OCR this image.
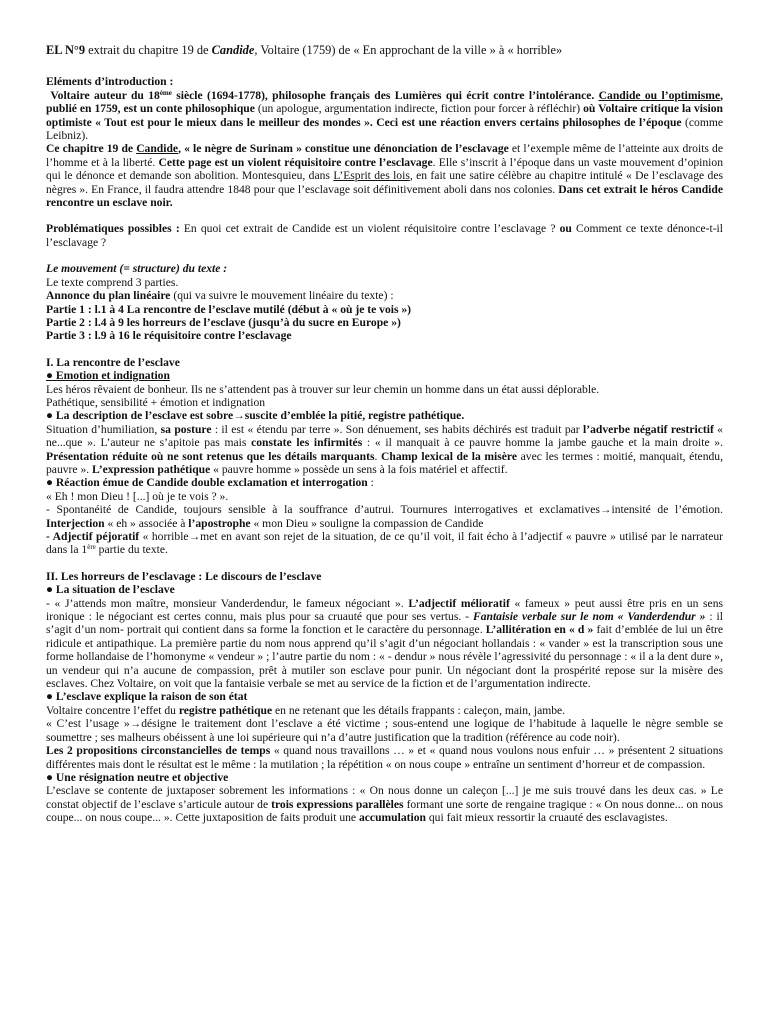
EL N°9 extrait du chapitre 19 de Candide, Voltaire (1759) de « En approchant de la ville » à « horrible»

Eléments d’introduction :

Voltaire auteur du 18ème siècle (1694-1778), philosophe français des Lumières qui écrit contre l’intolérance. Candide ou l’optimisme, publié en 1759, est un conte philosophique (un apologue, argumentation indirecte, fiction pour forcer à réfléchir) où Voltaire critique la vision optimiste « Tout est pour le mieux dans le meilleur des mondes ». Ceci est une réaction envers certains philosophes de l’époque (comme Leibniz).

Ce chapitre 19 de Candide, « le nègre de Surinam » constitue une dénonciation de l’esclavage et l’exemple même de l’atteinte aux droits de l’homme et à la liberté. Cette page est un violent réquisitoire contre l’esclavage. Elle s’inscrit à l’époque dans un vaste mouvement d’opinion qui le dénonce et demande son abolition. Montesquieu, dans L’Esprit des lois, en fait une satire célèbre au chapitre intitulé « De l’esclavage des nègres ». En France, il faudra attendre 1848 pour que l’esclavage soit définitivement aboli dans nos colonies. Dans cet extrait le héros Candide rencontre un esclave noir.

Problématiques possibles : En quoi cet extrait de Candide est un violent réquisitoire contre l’esclavage ? ou Comment ce texte dénonce-t-il l’esclavage ?

Le mouvement (= structure) du texte :

Le texte comprend 3 parties.

Annonce du plan linéaire (qui va suivre le mouvement linéaire du texte) :

Partie 1 : l.1 à 4 La rencontre de l’esclave mutilé (début à « où je te vois »)

Partie 2 : l.4 à 9 les horreurs de l’esclave (jusqu’à du sucre en Europe »)

Partie 3 : l.9 à 16 le réquisitoire contre l’esclavage

I. La rencontre de l’esclave

● Emotion et indignation

Les héros rêvaient de bonheur. Ils ne s’attendent pas à trouver sur leur chemin un homme dans un état aussi déplorable.

Pathétique, sensibilité + émotion et indignation

● La description de l’esclave est sobre→suscite d’emblée la pitié, registre pathétique.

Situation d’humiliation, sa posture : il est « étendu par terre ». Son dénuement, ses habits déchirés est traduit par l’adverbe négatif restrictif « ne...que ». L’auteur ne s’apitoie pas mais constate les infirmités : « il manquait à ce pauvre homme la jambe gauche et la main droite ». Présentation réduite où ne sont retenus que les détails marquants. Champ lexical de la misère avec les termes : moitié, manquait, étendu, pauvre ». L’expression pathétique « pauvre homme » possède un sens à la fois matériel et affectif.

● Réaction émue de Candide double exclamation et interrogation :

« Eh ! mon Dieu ! [...] où je te vois ? ».

- Spontanéité de Candide, toujours sensible à la souffrance d’autrui. Tournures interrogatives et exclamatives→intensité de l’émotion. Interjection « eh » associée à l’apostrophe « mon Dieu » souligne la compassion de Candide

- Adjectif péjoratif « horrible→met en avant son rejet de la situation, de ce qu’il voit, il fait écho à l’adjectif « pauvre » utilisé par le narrateur dans la 1ère partie du texte.

II. Les horreurs de l’esclavage : Le discours de l’esclave

● La situation de l’esclave

- « J’attends mon maître, monsieur Vanderdendur, le fameux négociant ». L’adjectif mélioratif « fameux » peut aussi être pris en un sens ironique : le négociant est certes connu, mais plus pour sa cruauté que pour ses vertus. - Fantaisie verbale sur le nom « Vanderdendur » : il s’agit d’un nom- portrait qui contient dans sa forme la fonction et le caractère du personnage. L’allitération en « d » fait d’emblée de lui un être ridicule et antipathique. La première partie du nom nous apprend qu’il s’agit d’un négociant hollandais : « vander » est la transcription sous une forme hollandaise de l’homonyme « vendeur » ; l’autre partie du nom : « - dendur » nous révèle l’agressivité du personnage : « il a la dent dure », un vendeur qui n’a aucune de compassion, prêt à mutiler son esclave pour punir. Un négociant dont la prospérité repose sur la misère des esclaves. Chez Voltaire, on voit que la fantaisie verbale se met au service de la fiction et de l’argumentation indirecte.

● L’esclave explique la raison de son état

Voltaire concentre l’effet du registre pathétique en ne retenant que les détails frappants : caleçon, main, jambe.

« C’est l’usage »→désigne le traitement dont l’esclave a été victime ; sous-entend une logique de l’habitude à laquelle le nègre semble se soumettre ; ses malheurs obéissent à une loi supérieure qui n’a d’autre justification que la tradition (référence au code noir).

Les 2 propositions circonstancielles de temps « quand nous travaillons … » et « quand nous voulons nous enfuir … » présentent 2 situations différentes mais dont le résultat est le même : la mutilation ; la répétition « on nous coupe » entraîne un sentiment d’horreur et de compassion.

● Une résignation neutre et objective

L’esclave se contente de juxtaposer sobrement les informations : « On nous donne un caleçon [...] je me suis trouvé dans les deux cas. » Le constat objectif de l’esclave s’articule autour de trois expressions parallèles formant une sorte de rengaine tragique : « On nous donne... on nous coupe... on nous coupe... ». Cette juxtaposition de faits produit une accumulation qui fait mieux ressortir la cruauté des esclavagistes.
